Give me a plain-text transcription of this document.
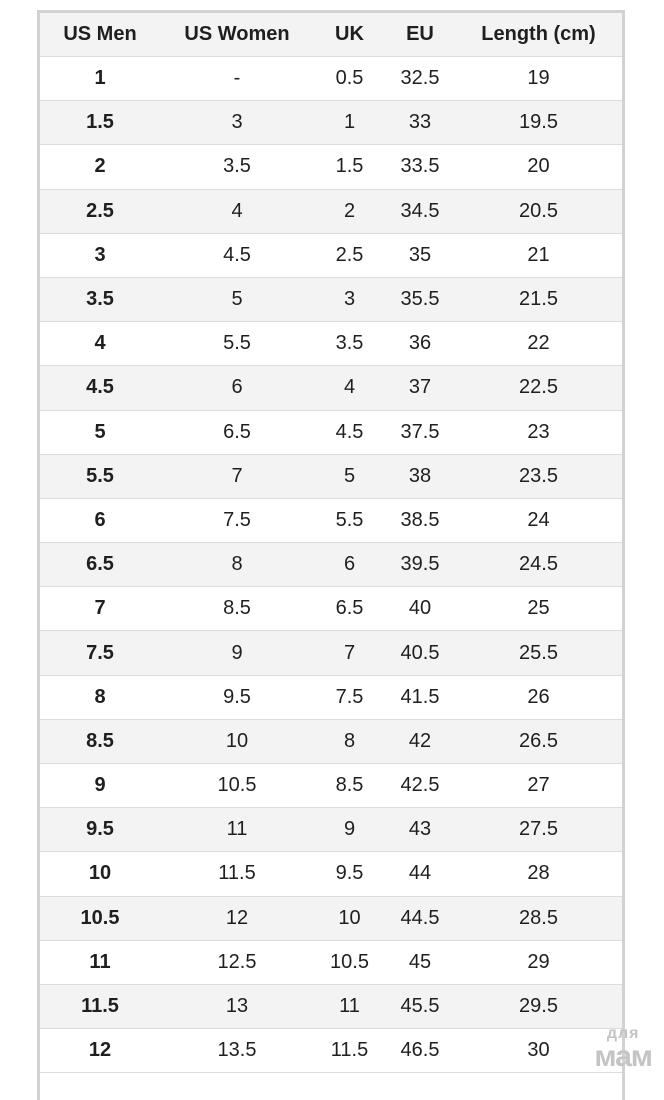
US Men	US Women	UK	EU	Length (cm)
1	-	0.5	32.5	19
1.5	3	1	33	19.5
2	3.5	1.5	33.5	20
2.5	4	2	34.5	20.5
3	4.5	2.5	35	21
3.5	5	3	35.5	21.5
4	5.5	3.5	36	22
4.5	6	4	37	22.5
5	6.5	4.5	37.5	23
5.5	7	5	38	23.5
6	7.5	5.5	38.5	24
6.5	8	6	39.5	24.5
7	8.5	6.5	40	25
7.5	9	7	40.5	25.5
8	9.5	7.5	41.5	26
8.5	10	8	42	26.5
9	10.5	8.5	42.5	27
9.5	11	9	43	27.5
10	11.5	9.5	44	28
10.5	12	10	44.5	28.5
11	12.5	10.5	45	29
11.5	13	11	45.5	29.5
12	13.5	11.5	46.5	30
для
мам
